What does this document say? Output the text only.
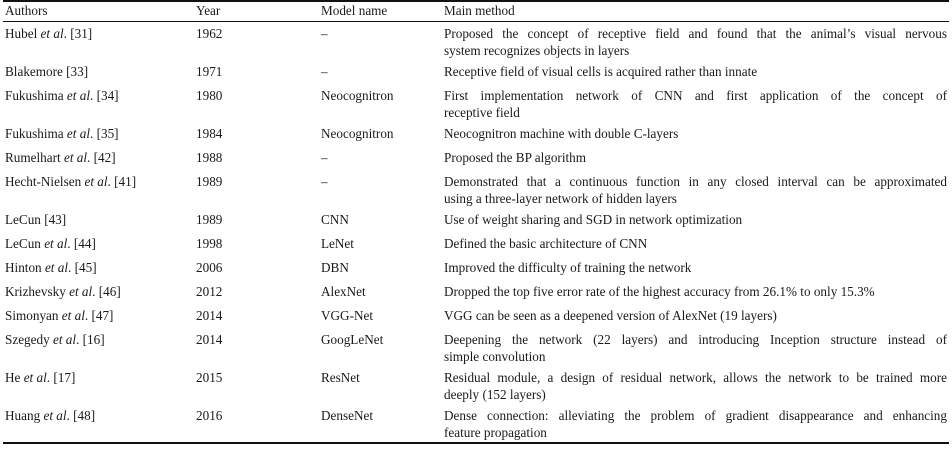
Authors	Year	Model name	Main method
Hubel et al. [31]	1962	–	Proposed the concept of receptive field and found that the animal’s visual nervous
system recognizes objects in layers
Blakemore [33]	1971	–	Receptive field of visual cells is acquired rather than innate
Fukushima et al. [34]	1980	Neocognitron	First implementation network of CNN and first application of the concept of
receptive field
Fukushima et al. [35]	1984	Neocognitron	Neocognitron machine with double C-layers
Rumelhart et al. [42]	1988	–	Proposed the BP algorithm
Hecht-Nielsen et al. [41]	1989	–	Demonstrated that a continuous function in any closed interval can be approximated
using a three-layer network of hidden layers
LeCun [43]	1989	CNN	Use of weight sharing and SGD in network optimization
LeCun et al. [44]	1998	LeNet	Defined the basic architecture of CNN
Hinton et al. [45]	2006	DBN	Improved the difficulty of training the network
Krizhevsky et al. [46]	2012	AlexNet	Dropped the top five error rate of the highest accuracy from 26.1% to only 15.3%
Simonyan et al. [47]	2014	VGG-Net	VGG can be seen as a deepened version of AlexNet (19 layers)
Szegedy et al. [16]	2014	GoogLeNet	Deepening the network (22 layers) and introducing Inception structure instead of
simple convolution
He et al. [17]	2015	ResNet	Residual module, a design of residual network, allows the network to be trained more
deeply (152 layers)
Huang et al. [48]	2016	DenseNet	Dense connection: alleviating the problem of gradient disappearance and enhancing
feature propagation
